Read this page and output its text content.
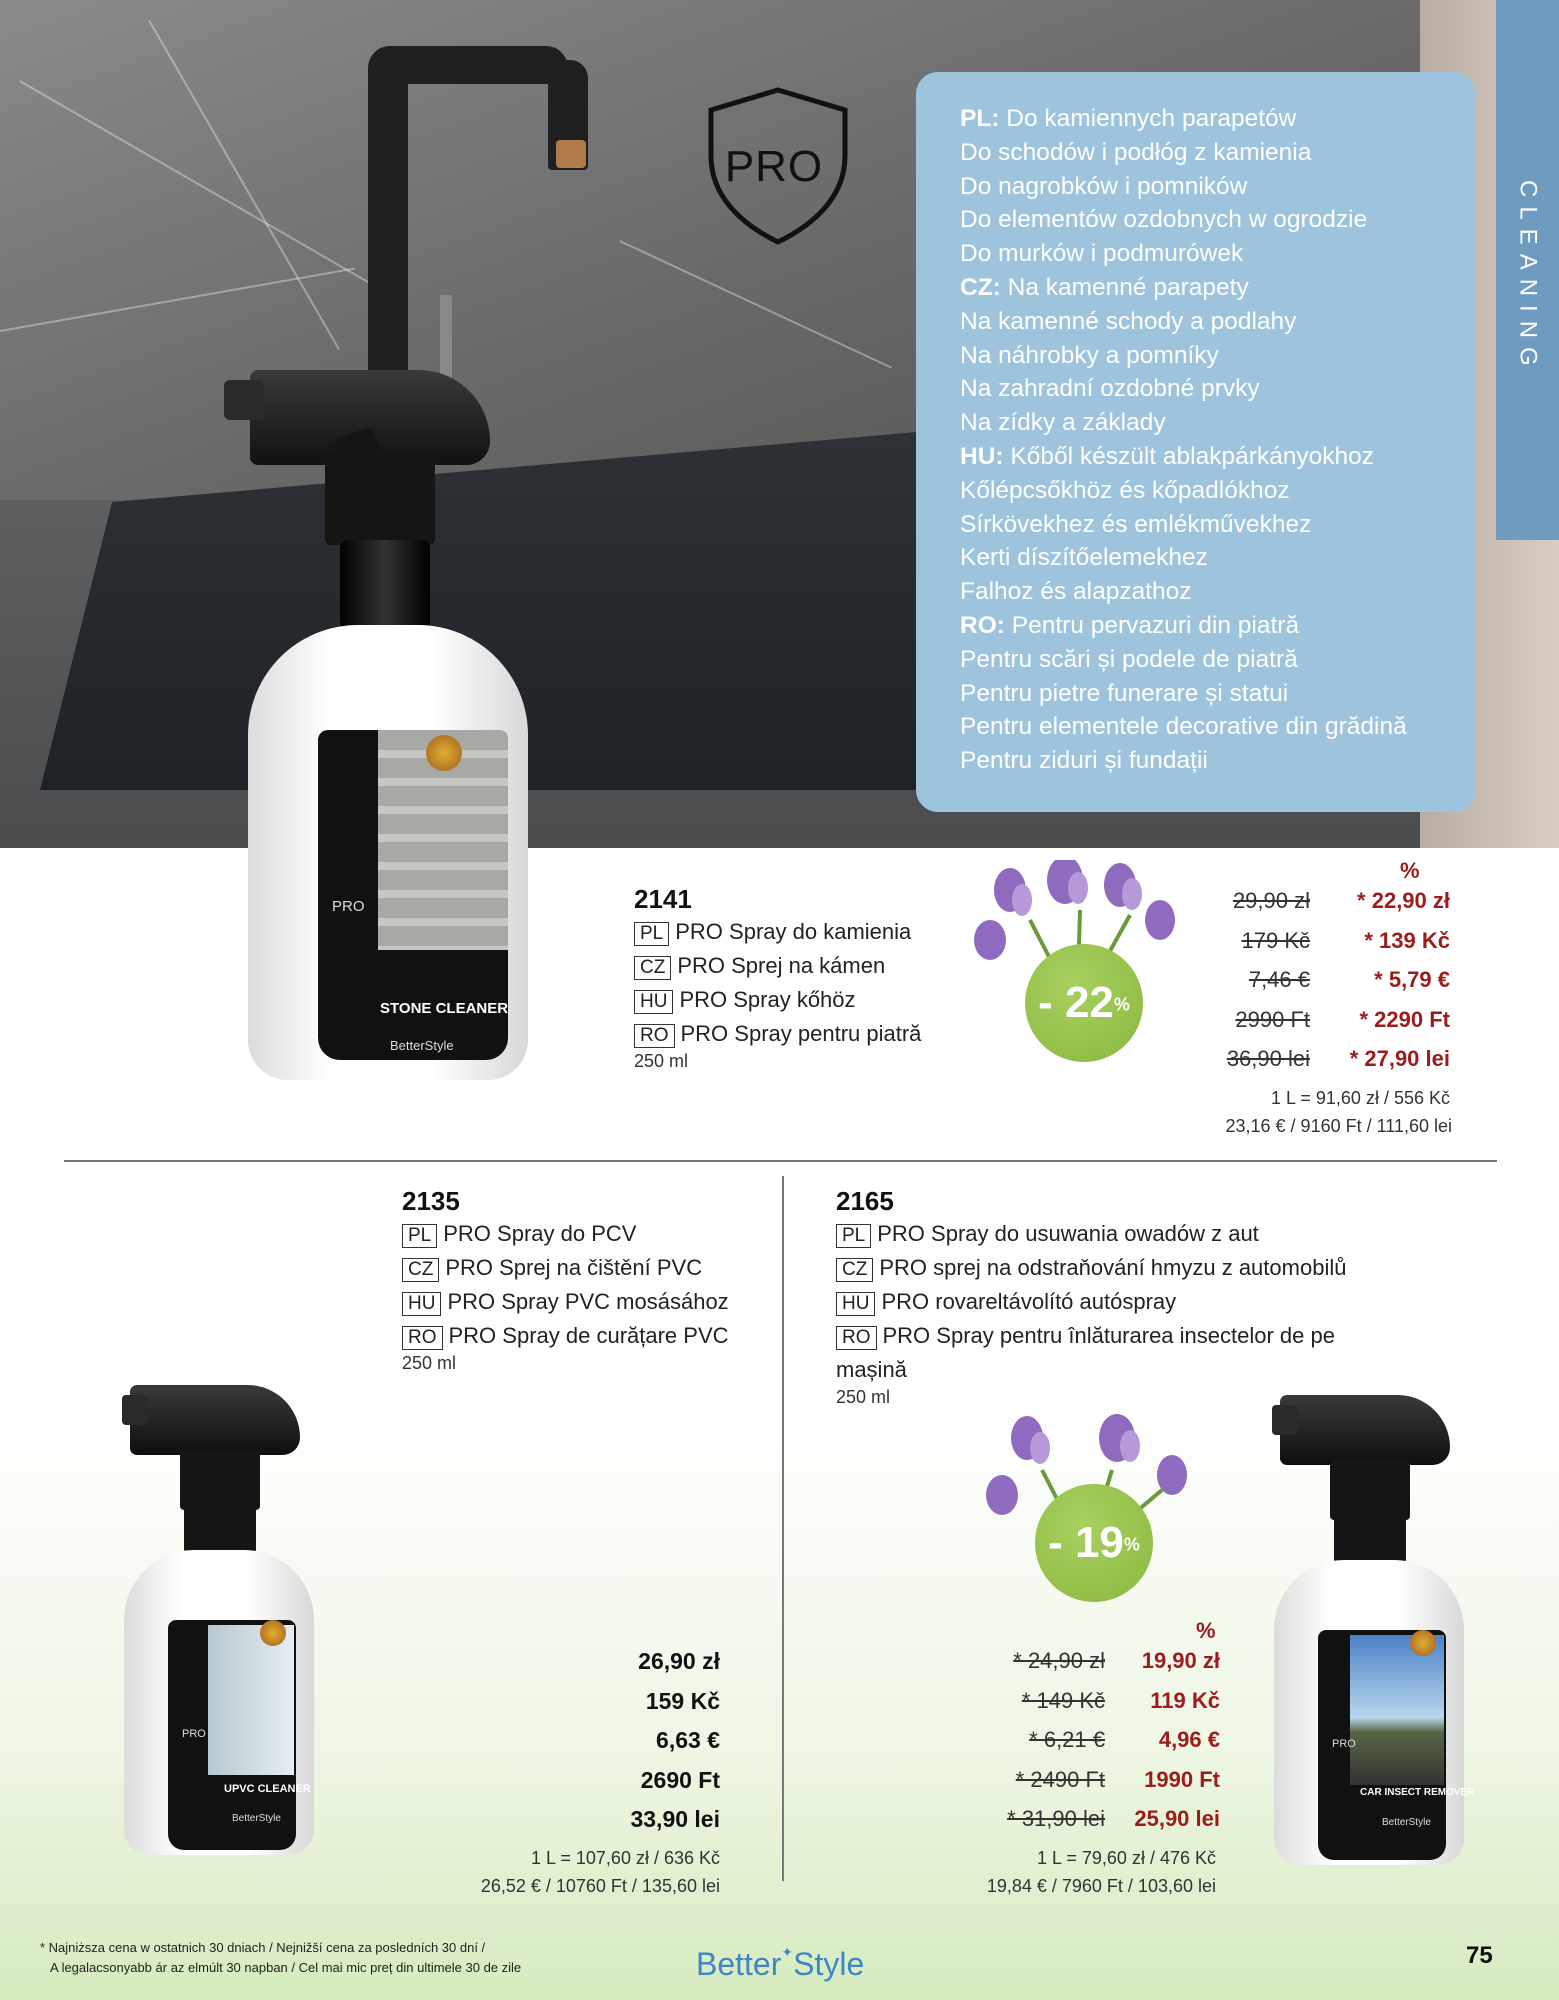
PRO
CLEANING
PL: Do kamiennych parapetów
Do schodów i podłóg z kamienia
Do nagrobków i pomników
Do elementów ozdobnych w ogrodzie
Do murków i podmurówek
CZ: Na kamenné parapety
Na kamenné schody a podlahy
Na náhrobky a pomníky
Na zahradní ozdobné prvky
Na zídky a základy
HU: Kőből készült ablakpárkányokhoz
Kőlépcsőkhöz és kőpadlókhoz
Sírkövekhez és emlékművekhez
Kerti díszítőelemekhez
Falhoz és alapzathoz
RO: Pentru pervazuri din piatră
Pentru scări și podele de piatră
Pentru pietre funerare și statui
Pentru elementele decorative din grădină
Pentru ziduri și fundații
PRO
STONE CLEANER
BetterStyle
2141
PL PRO Spray do kamienia
CZ PRO Sprej na kámen
HU PRO Spray kőhöz
RO PRO Spray pentru piatră
250 ml
- 22%
%
29,90 zł * 22,90 zł
179 Kč * 139 Kč
7,46 €	* 5,79 €
2990 Ft * 2290 Ft
36,90 lei * 27,90 lei
1 L = 91,60 zł / 556 Kč
23,16 € / 9160 Ft / 111,60 lei
2135
PL PRO Spray do PCV
CZ PRO Sprej na čištění PVC
HU PRO Spray PVC mosásához
RO PRO Spray de curățare PVC
250 ml
PRO
UPVC CLEANER
BetterStyle
26,90 zł
159 Kč
6,63 €
2690 Ft
33,90 lei
1 L = 107,60 zł / 636 Kč
26,52 € / 10760 Ft / 135,60 lei
2165
PL PRO Spray do usuwania owadów z aut
CZ PRO sprej na odstraňování hmyzu z automobilů
HU PRO rovareltávolító autóspray
RO PRO Spray pentru înlăturarea insectelor de pe
mașină
250 ml
- 19%
%
* 24,90 zł 19,90 zł
* 149 Kč 119 Kč
* 6,21 € 4,96 €
* 2490 Ft 1990 Ft
* 31,90 lei 25,90 lei
1 L = 79,60 zł / 476 Kč
19,84 € / 7960 Ft / 103,60 lei
PRO
CAR INSECT REMOVER
BetterStyle
* Najniższa cena w ostatnich 30 dniach / Nejnižší cena za posledních 30 dní /
A legalacsonyabb ár az elmúlt 30 napban / Cel mai mic preț din ultimele 30 de zile	Better✦Style	75
